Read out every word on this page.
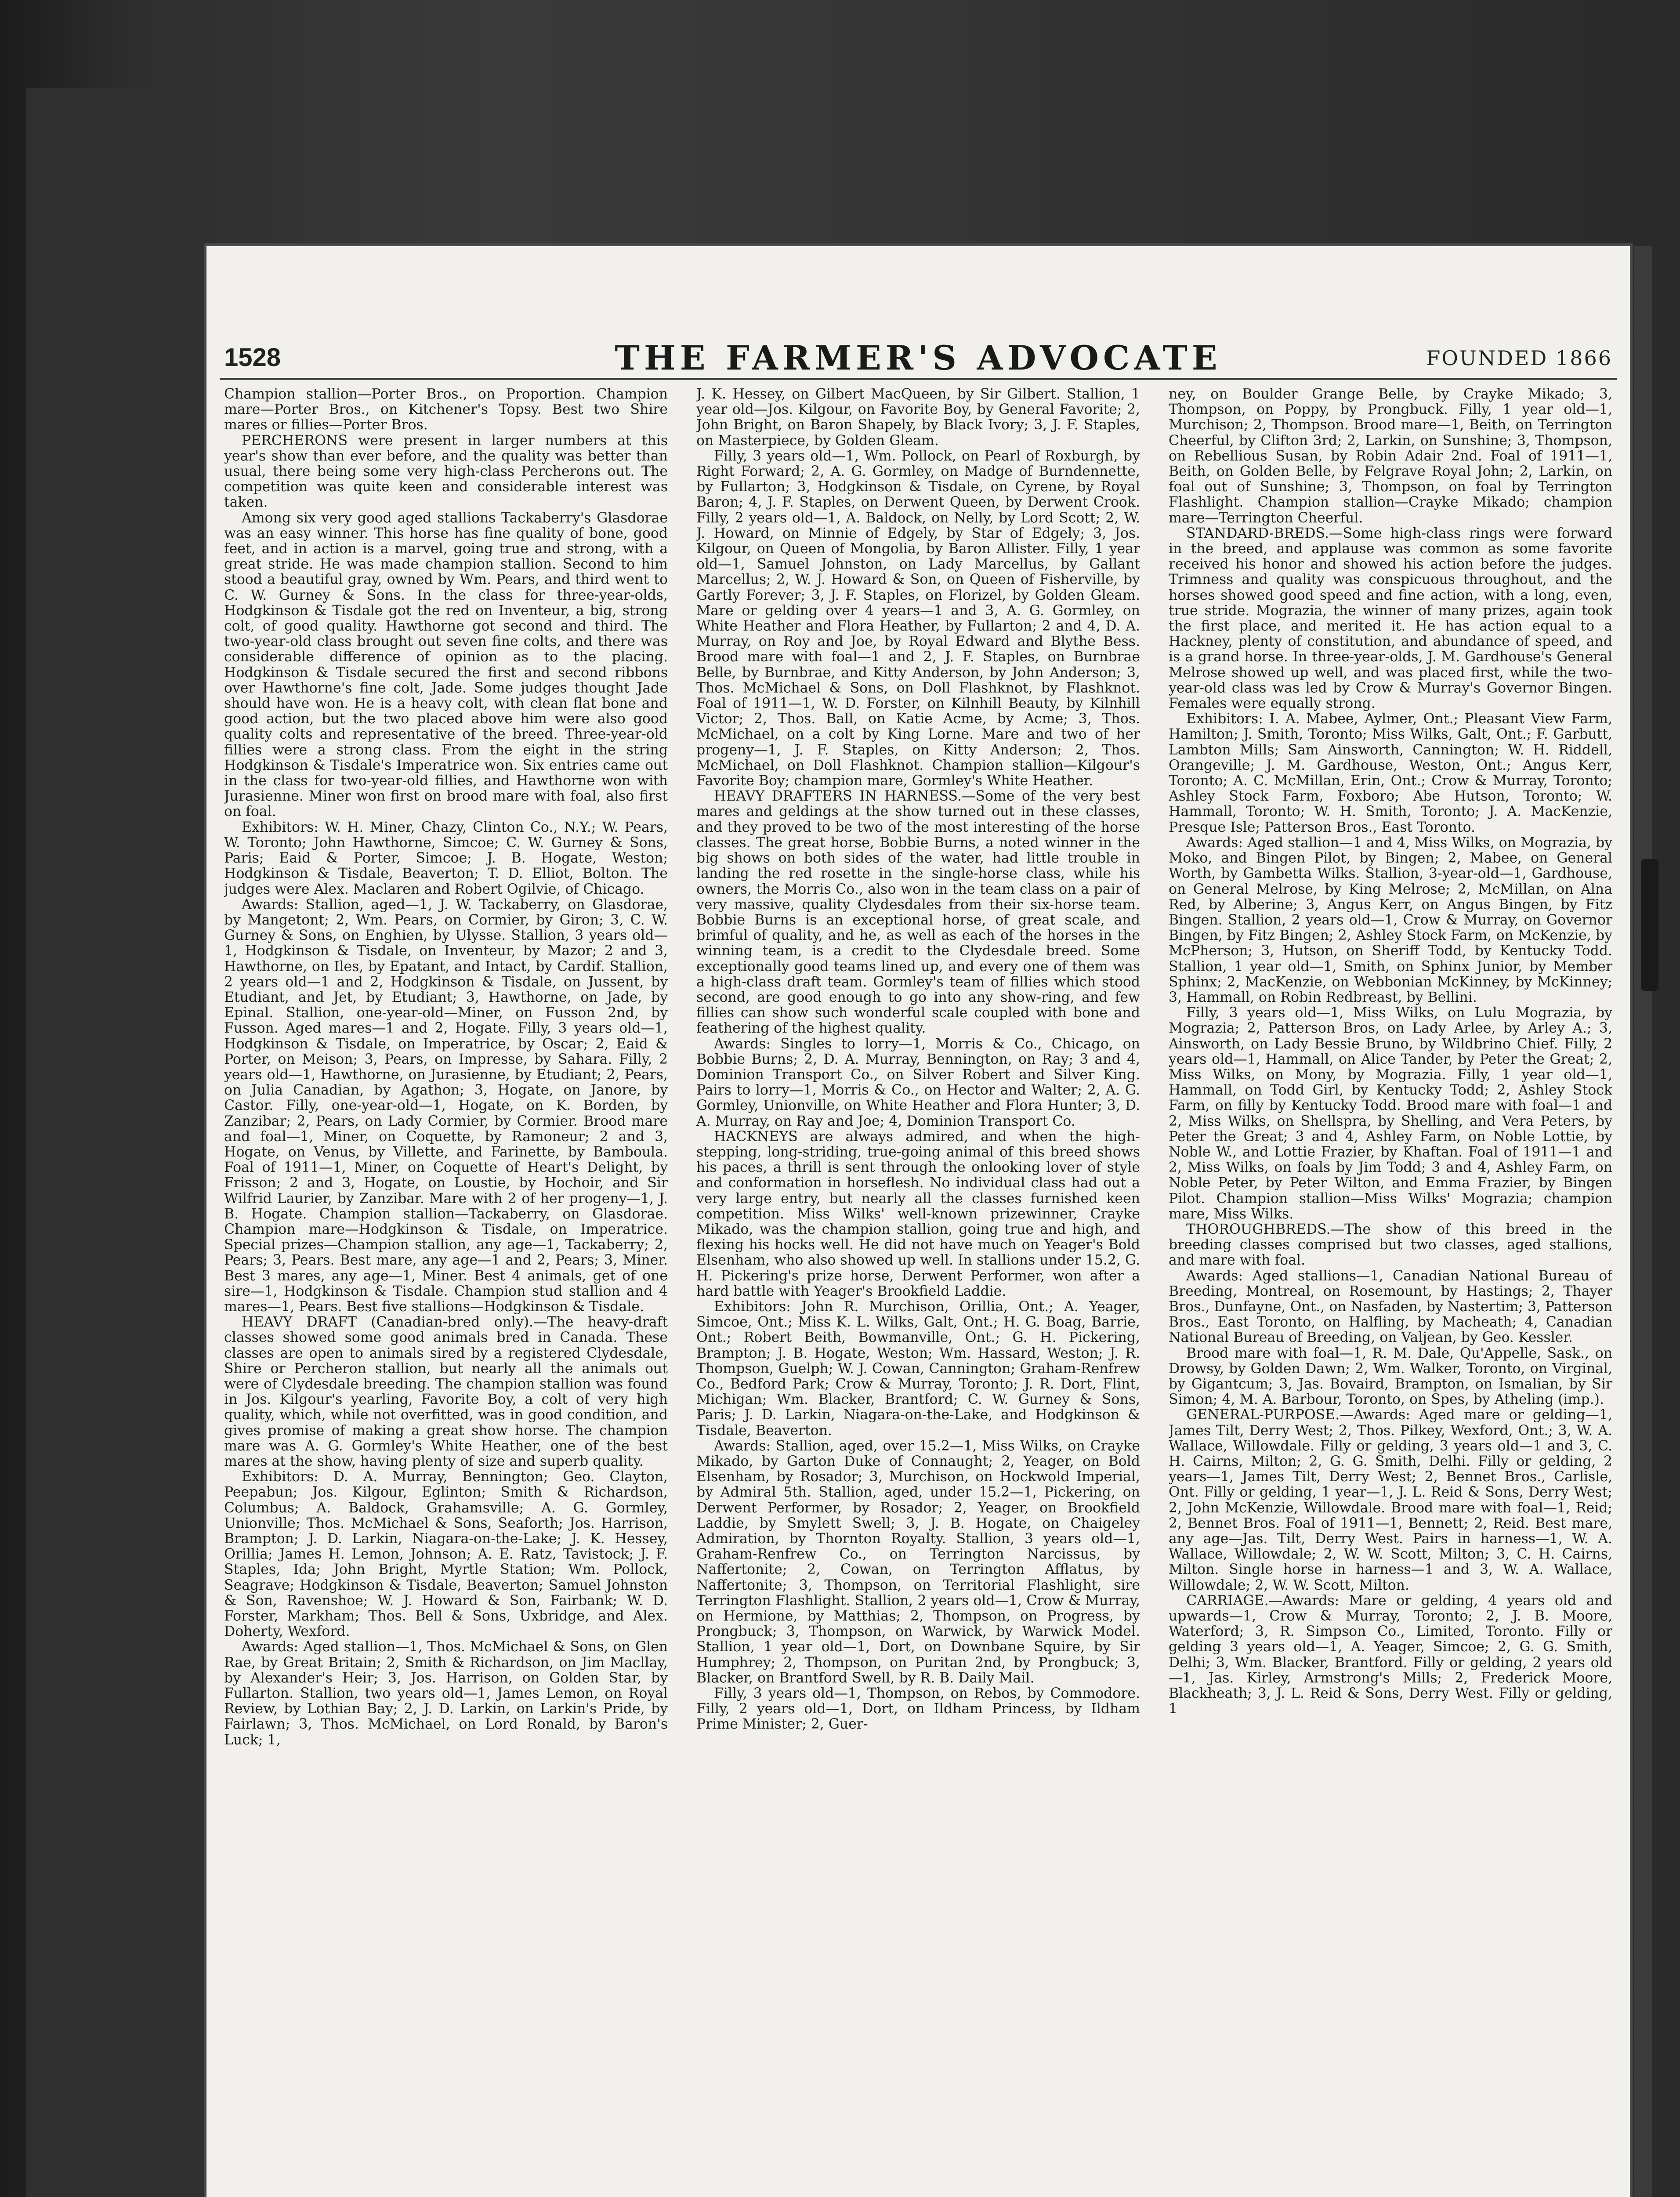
1528	THE FARMER'S ADVOCATE	FOUNDED 1866

Champion stallion—Porter Bros., on Proportion. Champion mare—Porter Bros., on Kitchener's Topsy. Best two Shire mares or fillies—Porter Bros.

PERCHERONS were present in larger numbers at this year's show than ever before, and the quality was better than usual, there being some very high-class Percherons out. The competition was quite keen and considerable interest was taken.

Among six very good aged stallions Tackaberry's Glasdorae was an easy winner. This horse has fine quality of bone, good feet, and in action is a marvel, going true and strong, with a great stride. He was made champion stallion. Second to him stood a beautiful gray, owned by Wm. Pears, and third went to C. W. Gurney & Sons. In the class for three-year-olds, Hodgkinson & Tisdale got the red on Inventeur, a big, strong colt, of good quality. Hawthorne got second and third. The two-year-old class brought out seven fine colts, and there was considerable difference of opinion as to the placing. Hodgkinson & Tisdale secured the first and second ribbons over Hawthorne's fine colt, Jade. Some judges thought Jade should have won. He is a heavy colt, with clean flat bone and good action, but the two placed above him were also good quality colts and representative of the breed. Three-year-old fillies were a strong class. From the eight in the string Hodgkinson & Tisdale's Imperatrice won. Six entries came out in the class for two-year-old fillies, and Hawthorne won with Jurasienne. Miner won first on brood mare with foal, also first on foal.

Exhibitors: W. H. Miner, Chazy, Clinton Co., N.Y.; W. Pears, W. Toronto; John Hawthorne, Simcoe; C. W. Gurney & Sons, Paris; Eaid & Porter, Simcoe; J. B. Hogate, Weston; Hodgkinson & Tisdale, Beaverton; T. D. Elliot, Bolton. The judges were Alex. Maclaren and Robert Ogilvie, of Chicago.

Awards: Stallion, aged—1, J. W. Tackaberry, on Glasdorae, by Mangetont; 2, Wm. Pears, on Cormier, by Giron; 3, C. W. Gurney & Sons, on Enghien, by Ulysse. Stallion, 3 years old—1, Hodgkinson & Tisdale, on Inventeur, by Mazor; 2 and 3, Hawthorne, on Iles, by Epatant, and Intact, by Cardif. Stallion, 2 years old—1 and 2, Hodgkinson & Tisdale, on Jussent, by Etudiant, and Jet, by Etudiant; 3, Hawthorne, on Jade, by Epinal. Stallion, one-year-old—Miner, on Fusson 2nd, by Fusson. Aged mares—1 and 2, Hogate. Filly, 3 years old—1, Hodgkinson & Tisdale, on Imperatrice, by Oscar; 2, Eaid & Porter, on Meison; 3, Pears, on Impresse, by Sahara. Filly, 2 years old—1, Hawthorne, on Jurasienne, by Etudiant; 2, Pears, on Julia Canadian, by Agathon; 3, Hogate, on Janore, by Castor. Filly, one-year-old—1, Hogate, on K. Borden, by Zanzibar; 2, Pears, on Lady Cormier, by Cormier. Brood mare and foal—1, Miner, on Coquette, by Ramoneur; 2 and 3, Hogate, on Venus, by Villette, and Farinette, by Bamboula. Foal of 1911—1, Miner, on Coquette of Heart's Delight, by Frisson; 2 and 3, Hogate, on Loustie, by Hochoir, and Sir Wilfrid Laurier, by Zanzibar. Mare with 2 of her progeny—1, J. B. Hogate. Champion stallion—Tackaberry, on Glasdorae. Champion mare—Hodgkinson & Tisdale, on Imperatrice. Special prizes—Champion stallion, any age—1, Tackaberry; 2, Pears; 3, Pears. Best mare, any age—1 and 2, Pears; 3, Miner. Best 3 mares, any age—1, Miner. Best 4 animals, get of one sire—1, Hodgkinson & Tisdale. Champion stud stallion and 4 mares—1, Pears. Best five stallions—Hodgkinson & Tisdale.

HEAVY DRAFT (Canadian-bred only).—The heavy-draft classes showed some good animals bred in Canada. These classes are open to animals sired by a registered Clydesdale, Shire or Percheron stallion, but nearly all the animals out were of Clydesdale breeding. The champion stallion was found in Jos. Kilgour's yearling, Favorite Boy, a colt of very high quality, which, while not overfitted, was in good condition, and gives promise of making a great show horse. The champion mare was A. G. Gormley's White Heather, one of the best mares at the show, having plenty of size and superb quality.

Exhibitors: D. A. Murray, Bennington; Geo. Clayton, Peepabun; Jos. Kilgour, Eglinton; Smith & Richardson, Columbus; A. Baldock, Grahamsville; A. G. Gormley, Unionville; Thos. McMichael & Sons, Seaforth; Jos. Harrison, Brampton; J. D. Larkin, Niagara-on-the-Lake; J. K. Hessey, Orillia; James H. Lemon, Johnson; A. E. Ratz, Tavistock; J. F. Staples, Ida; John Bright, Myrtle Station; Wm. Pollock, Seagrave; Hodgkinson & Tisdale, Beaverton; Samuel Johnston & Son, Ravenshoe; W. J. Howard & Son, Fairbank; W. D. Forster, Markham; Thos. Bell & Sons, Uxbridge, and Alex. Doherty, Wexford.

Awards: Aged stallion—1, Thos. McMichael & Sons, on Glen Rae, by Great Britain; 2, Smith & Richardson, on Jim Macllay, by Alexander's Heir; 3, Jos. Harrison, on Golden Star, by Fullarton. Stallion, two years old—1, James Lemon, on Royal Review, by Lothian Bay; 2, J. D. Larkin, on Larkin's Pride, by Fairlawn; 3, Thos. McMichael, on Lord Ronald, by Baron's Luck; 1,

J. K. Hessey, on Gilbert MacQueen, by Sir Gilbert. Stallion, 1 year old—Jos. Kilgour, on Favorite Boy, by General Favorite; 2, John Bright, on Baron Shapely, by Black Ivory; 3, J. F. Staples, on Masterpiece, by Golden Gleam.

Filly, 3 years old—1, Wm. Pollock, on Pearl of Roxburgh, by Right Forward; 2, A. G. Gormley, on Madge of Burndennette, by Fullarton; 3, Hodgkinson & Tisdale, on Cyrene, by Royal Baron; 4, J. F. Staples, on Derwent Queen, by Derwent Crook. Filly, 2 years old—1, A. Baldock, on Nelly, by Lord Scott; 2, W. J. Howard, on Minnie of Edgely, by Star of Edgely; 3, Jos. Kilgour, on Queen of Mongolia, by Baron Allister. Filly, 1 year old—1, Samuel Johnston, on Lady Marcellus, by Gallant Marcellus; 2, W. J. Howard & Son, on Queen of Fisherville, by Gartly Forever; 3, J. F. Staples, on Florizel, by Golden Gleam. Mare or gelding over 4 years—1 and 3, A. G. Gormley, on White Heather and Flora Heather, by Fullarton; 2 and 4, D. A. Murray, on Roy and Joe, by Royal Edward and Blythe Bess. Brood mare with foal—1 and 2, J. F. Staples, on Burnbrae Belle, by Burnbrae, and Kitty Anderson, by John Anderson; 3, Thos. McMichael & Sons, on Doll Flashknot, by Flashknot. Foal of 1911—1, W. D. Forster, on Kilnhill Beauty, by Kilnhill Victor; 2, Thos. Ball, on Katie Acme, by Acme; 3, Thos. McMichael, on a colt by King Lorne. Mare and two of her progeny—1, J. F. Staples, on Kitty Anderson; 2, Thos. McMichael, on Doll Flashknot. Champion stallion—Kilgour's Favorite Boy; champion mare, Gormley's White Heather.

HEAVY DRAFTERS IN HARNESS.—Some of the very best mares and geldings at the show turned out in these classes, and they proved to be two of the most interesting of the horse classes. The great horse, Bobbie Burns, a noted winner in the big shows on both sides of the water, had little trouble in landing the red rosette in the single-horse class, while his owners, the Morris Co., also won in the team class on a pair of very massive, quality Clydesdales from their six-horse team. Bobbie Burns is an exceptional horse, of great scale, and brimful of quality, and he, as well as each of the horses in the winning team, is a credit to the Clydesdale breed. Some exceptionally good teams lined up, and every one of them was a high-class draft team. Gormley's team of fillies which stood second, are good enough to go into any show-ring, and few fillies can show such wonderful scale coupled with bone and feathering of the highest quality.

Awards: Singles to lorry—1, Morris & Co., Chicago, on Bobbie Burns; 2, D. A. Murray, Bennington, on Ray; 3 and 4, Dominion Transport Co., on Silver Robert and Silver King. Pairs to lorry—1, Morris & Co., on Hector and Walter; 2, A. G. Gormley, Unionville, on White Heather and Flora Hunter; 3, D. A. Murray, on Ray and Joe; 4, Dominion Transport Co.

HACKNEYS are always admired, and when the high-stepping, long-striding, true-going animal of this breed shows his paces, a thrill is sent through the onlooking lover of style and conformation in horseflesh. No individual class had out a very large entry, but nearly all the classes furnished keen competition. Miss Wilks' well-known prizewinner, Crayke Mikado, was the champion stallion, going true and high, and flexing his hocks well. He did not have much on Yeager's Bold Elsenham, who also showed up well. In stallions under 15.2, G. H. Pickering's prize horse, Derwent Performer, won after a hard battle with Yeager's Brookfield Laddie.

Exhibitors: John R. Murchison, Orillia, Ont.; A. Yeager, Simcoe, Ont.; Miss K. L. Wilks, Galt, Ont.; H. G. Boag, Barrie, Ont.; Robert Beith, Bowmanville, Ont.; G. H. Pickering, Brampton; J. B. Hogate, Weston; Wm. Hassard, Weston; J. R. Thompson, Guelph; W. J. Cowan, Cannington; Graham-Renfrew Co., Bedford Park; Crow & Murray, Toronto; J. R. Dort, Flint, Michigan; Wm. Blacker, Brantford; C. W. Gurney & Sons, Paris; J. D. Larkin, Niagara-on-the-Lake, and Hodgkinson & Tisdale, Beaverton.

Awards: Stallion, aged, over 15.2—1, Miss Wilks, on Crayke Mikado, by Garton Duke of Connaught; 2, Yeager, on Bold Elsenham, by Rosador; 3, Murchison, on Hockwold Imperial, by Admiral 5th. Stallion, aged, under 15.2—1, Pickering, on Derwent Performer, by Rosador; 2, Yeager, on Brookfield Laddie, by Smylett Swell; 3, J. B. Hogate, on Chaigeley Admiration, by Thornton Royalty. Stallion, 3 years old—1, Graham-Renfrew Co., on Terrington Narcissus, by Naffertonite; 2, Cowan, on Terrington Afflatus, by Naffertonite; 3, Thompson, on Territorial Flashlight, sire Terrington Flashlight. Stallion, 2 years old—1, Crow & Murray, on Hermione, by Matthias; 2, Thompson, on Progress, by Prongbuck; 3, Thompson, on Warwick, by Warwick Model. Stallion, 1 year old—1, Dort, on Downbane Squire, by Sir Humphrey; 2, Thompson, on Puritan 2nd, by Prongbuck; 3, Blacker, on Brantford Swell, by R. B. Daily Mail.

Filly, 3 years old—1, Thompson, on Rebos, by Commodore. Filly, 2 years old—1, Dort, on Ildham Princess, by Ildham Prime Minister; 2, Guer-

ney, on Boulder Grange Belle, by Crayke Mikado; 3, Thompson, on Poppy, by Prongbuck. Filly, 1 year old—1, Murchison; 2, Thompson. Brood mare—1, Beith, on Terrington Cheerful, by Clifton 3rd; 2, Larkin, on Sunshine; 3, Thompson, on Rebellious Susan, by Robin Adair 2nd. Foal of 1911—1, Beith, on Golden Belle, by Felgrave Royal John; 2, Larkin, on foal out of Sunshine; 3, Thompson, on foal by Terrington Flashlight. Champion stallion—Crayke Mikado; champion mare—Terrington Cheerful.

STANDARD-BREDS.—Some high-class rings were forward in the breed, and applause was common as some favorite received his honor and showed his action before the judges. Trimness and quality was conspicuous throughout, and the horses showed good speed and fine action, with a long, even, true stride. Mograzia, the winner of many prizes, again took the first place, and merited it. He has action equal to a Hackney, plenty of constitution, and abundance of speed, and is a grand horse. In three-year-olds, J. M. Gardhouse's General Melrose showed up well, and was placed first, while the two-year-old class was led by Crow & Murray's Governor Bingen. Females were equally strong.

Exhibitors: I. A. Mabee, Aylmer, Ont.; Pleasant View Farm, Hamilton; J. Smith, Toronto; Miss Wilks, Galt, Ont.; F. Garbutt, Lambton Mills; Sam Ainsworth, Cannington; W. H. Riddell, Orangeville; J. M. Gardhouse, Weston, Ont.; Angus Kerr, Toronto; A. C. McMillan, Erin, Ont.; Crow & Murray, Toronto; Ashley Stock Farm, Foxboro; Abe Hutson, Toronto; W. Hammall, Toronto; W. H. Smith, Toronto; J. A. MacKenzie, Presque Isle; Patterson Bros., East Toronto.

Awards: Aged stallion—1 and 4, Miss Wilks, on Mograzia, by Moko, and Bingen Pilot, by Bingen; 2, Mabee, on General Worth, by Gambetta Wilks. Stallion, 3-year-old—1, Gardhouse, on General Melrose, by King Melrose; 2, McMillan, on Alna Red, by Alberine; 3, Angus Kerr, on Angus Bingen, by Fitz Bingen. Stallion, 2 years old—1, Crow & Murray, on Governor Bingen, by Fitz Bingen; 2, Ashley Stock Farm, on McKenzie, by McPherson; 3, Hutson, on Sheriff Todd, by Kentucky Todd. Stallion, 1 year old—1, Smith, on Sphinx Junior, by Member Sphinx; 2, MacKenzie, on Webbonian McKinney, by McKinney; 3, Hammall, on Robin Redbreast, by Bellini.

Filly, 3 years old—1, Miss Wilks, on Lulu Mograzia, by Mograzia; 2, Patterson Bros, on Lady Arlee, by Arley A.; 3, Ainsworth, on Lady Bessie Bruno, by Wildbrino Chief. Filly, 2 years old—1, Hammall, on Alice Tander, by Peter the Great; 2, Miss Wilks, on Mony, by Mograzia. Filly, 1 year old—1, Hammall, on Todd Girl, by Kentucky Todd; 2, Ashley Stock Farm, on filly by Kentucky Todd. Brood mare with foal—1 and 2, Miss Wilks, on Shellspra, by Shelling, and Vera Peters, by Peter the Great; 3 and 4, Ashley Farm, on Noble Lottie, by Noble W., and Lottie Frazier, by Khaftan. Foal of 1911—1 and 2, Miss Wilks, on foals by Jim Todd; 3 and 4, Ashley Farm, on Noble Peter, by Peter Wilton, and Emma Frazier, by Bingen Pilot. Champion stallion—Miss Wilks' Mograzia; champion mare, Miss Wilks.

THOROUGHBREDS.—The show of this breed in the breeding classes comprised but two classes, aged stallions, and mare with foal.

Awards: Aged stallions—1, Canadian National Bureau of Breeding, Montreal, on Rosemount, by Hastings; 2, Thayer Bros., Dunfayne, Ont., on Nasfaden, by Nastertim; 3, Patterson Bros., East Toronto, on Halfling, by Macheath; 4, Canadian National Bureau of Breeding, on Valjean, by Geo. Kessler.

Brood mare with foal—1, R. M. Dale, Qu'Appelle, Sask., on Drowsy, by Golden Dawn; 2, Wm. Walker, Toronto, on Virginal, by Gigantcum; 3, Jas. Bovaird, Brampton, on Ismalian, by Sir Simon; 4, M. A. Barbour, Toronto, on Spes, by Atheling (imp.).

GENERAL-PURPOSE.—Awards: Aged mare or gelding—1, James Tilt, Derry West; 2, Thos. Pilkey, Wexford, Ont.; 3, W. A. Wallace, Willowdale. Filly or gelding, 3 years old—1 and 3, C. H. Cairns, Milton; 2, G. G. Smith, Delhi. Filly or gelding, 2 years—1, James Tilt, Derry West; 2, Bennet Bros., Carlisle, Ont. Filly or gelding, 1 year—1, J. L. Reid & Sons, Derry West; 2, John McKenzie, Willowdale. Brood mare with foal—1, Reid; 2, Bennet Bros. Foal of 1911—1, Bennett; 2, Reid. Best mare, any age—Jas. Tilt, Derry West. Pairs in harness—1, W. A. Wallace, Willowdale; 2, W. W. Scott, Milton; 3, C. H. Cairns, Milton. Single horse in harness—1 and 3, W. A. Wallace, Willowdale; 2, W. W. Scott, Milton.

CARRIAGE.—Awards: Mare or gelding, 4 years old and upwards—1, Crow & Murray, Toronto; 2, J. B. Moore, Waterford; 3, R. Simpson Co., Limited, Toronto. Filly or gelding 3 years old—1, A. Yeager, Simcoe; 2, G. G. Smith, Delhi; 3, Wm. Blacker, Brantford. Filly or gelding, 2 years old—1, Jas. Kirley, Armstrong's Mills; 2, Frederick Moore, Blackheath; 3, J. L. Reid & Sons, Derry West. Filly or gelding, 1
